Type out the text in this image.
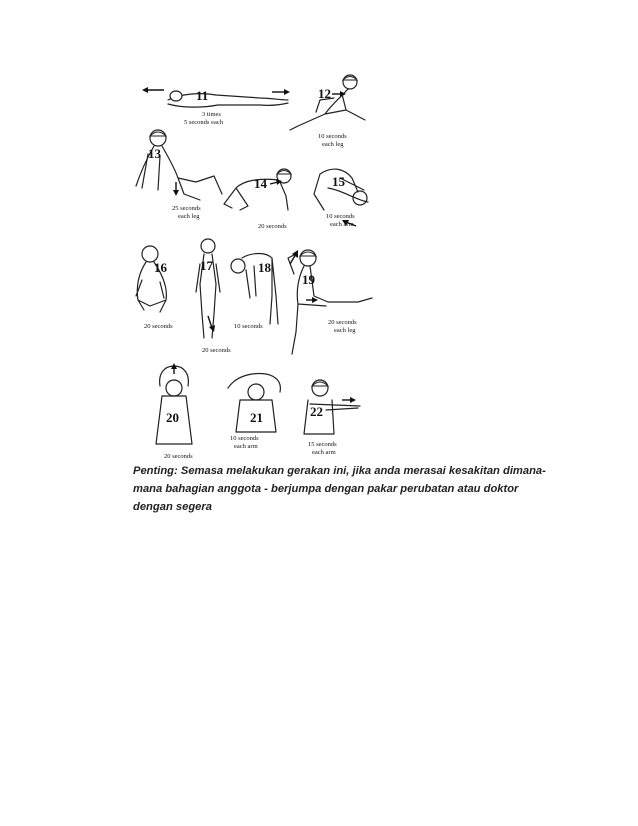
11
3 times
5 seconds each
12
10 seconds
each leg
13
25 seconds
each leg
14
20 seconds
15
10 seconds
each arm
16
20 seconds
17
20 seconds
18
10 seconds
19
20 seconds
each leg
20
20 seconds
21
10 seconds
each arm
22
15 seconds
each arm

Penting: Semasa melakukan gerakan ini, jika anda merasai kesakitan dimana-mana bahagian anggota - berjumpa dengan pakar perubatan atau doktor dengan segera
